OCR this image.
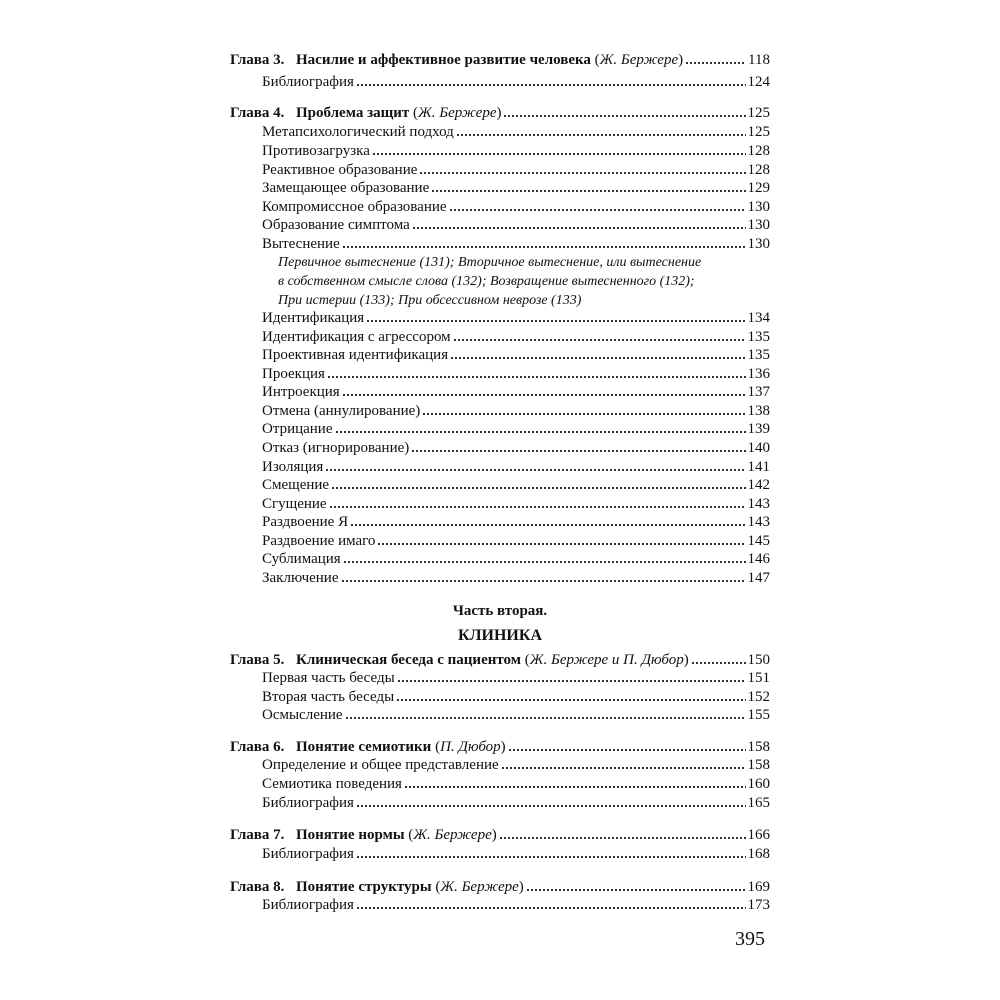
Глава 3. Насилие и аффективное развитие человека (Ж. Бержере)	118
Библиография	124
Глава 4. Проблема защит (Ж. Бержере)	125
Метапсихологический подход	125
Противозагрузка	128
Реактивное образование	128
Замещающее образование	129
Компромиссное образование	130
Образование симптома	130
Вытеснение	130
Первичное вытеснение (131); Вторичное вытеснение, или вытеснение
в собственном смысле слова (132); Возвращение вытесненного (132);
При истерии (133); При обсессивном неврозе (133)
Идентификация	134
Идентификация с агрессором	135
Проективная идентификация	135
Проекция	136
Интроекция	137
Отмена (аннулирование)	138
Отрицание	139
Отказ (игнорирование)	140
Изоляция	141
Смещение	142
Сгущение	143
Раздвоение Я	143
Раздвоение имаго	145
Сублимация	146
Заключение	147
Часть вторая.
КЛИНИКА
Глава 5. Клиническая беседа с пациентом (Ж. Бержере и П. Дюбор)	150
Первая часть беседы	151
Вторая часть беседы	152
Осмысление	155
Глава 6. Понятие семиотики (П. Дюбор)	158
Определение и общее представление	158
Семиотика поведения	160
Библиография	165
Глава 7. Понятие нормы (Ж. Бержере)	166
Библиография	168
Глава 8. Понятие структуры (Ж. Бержере)	169
Библиография	173
395
